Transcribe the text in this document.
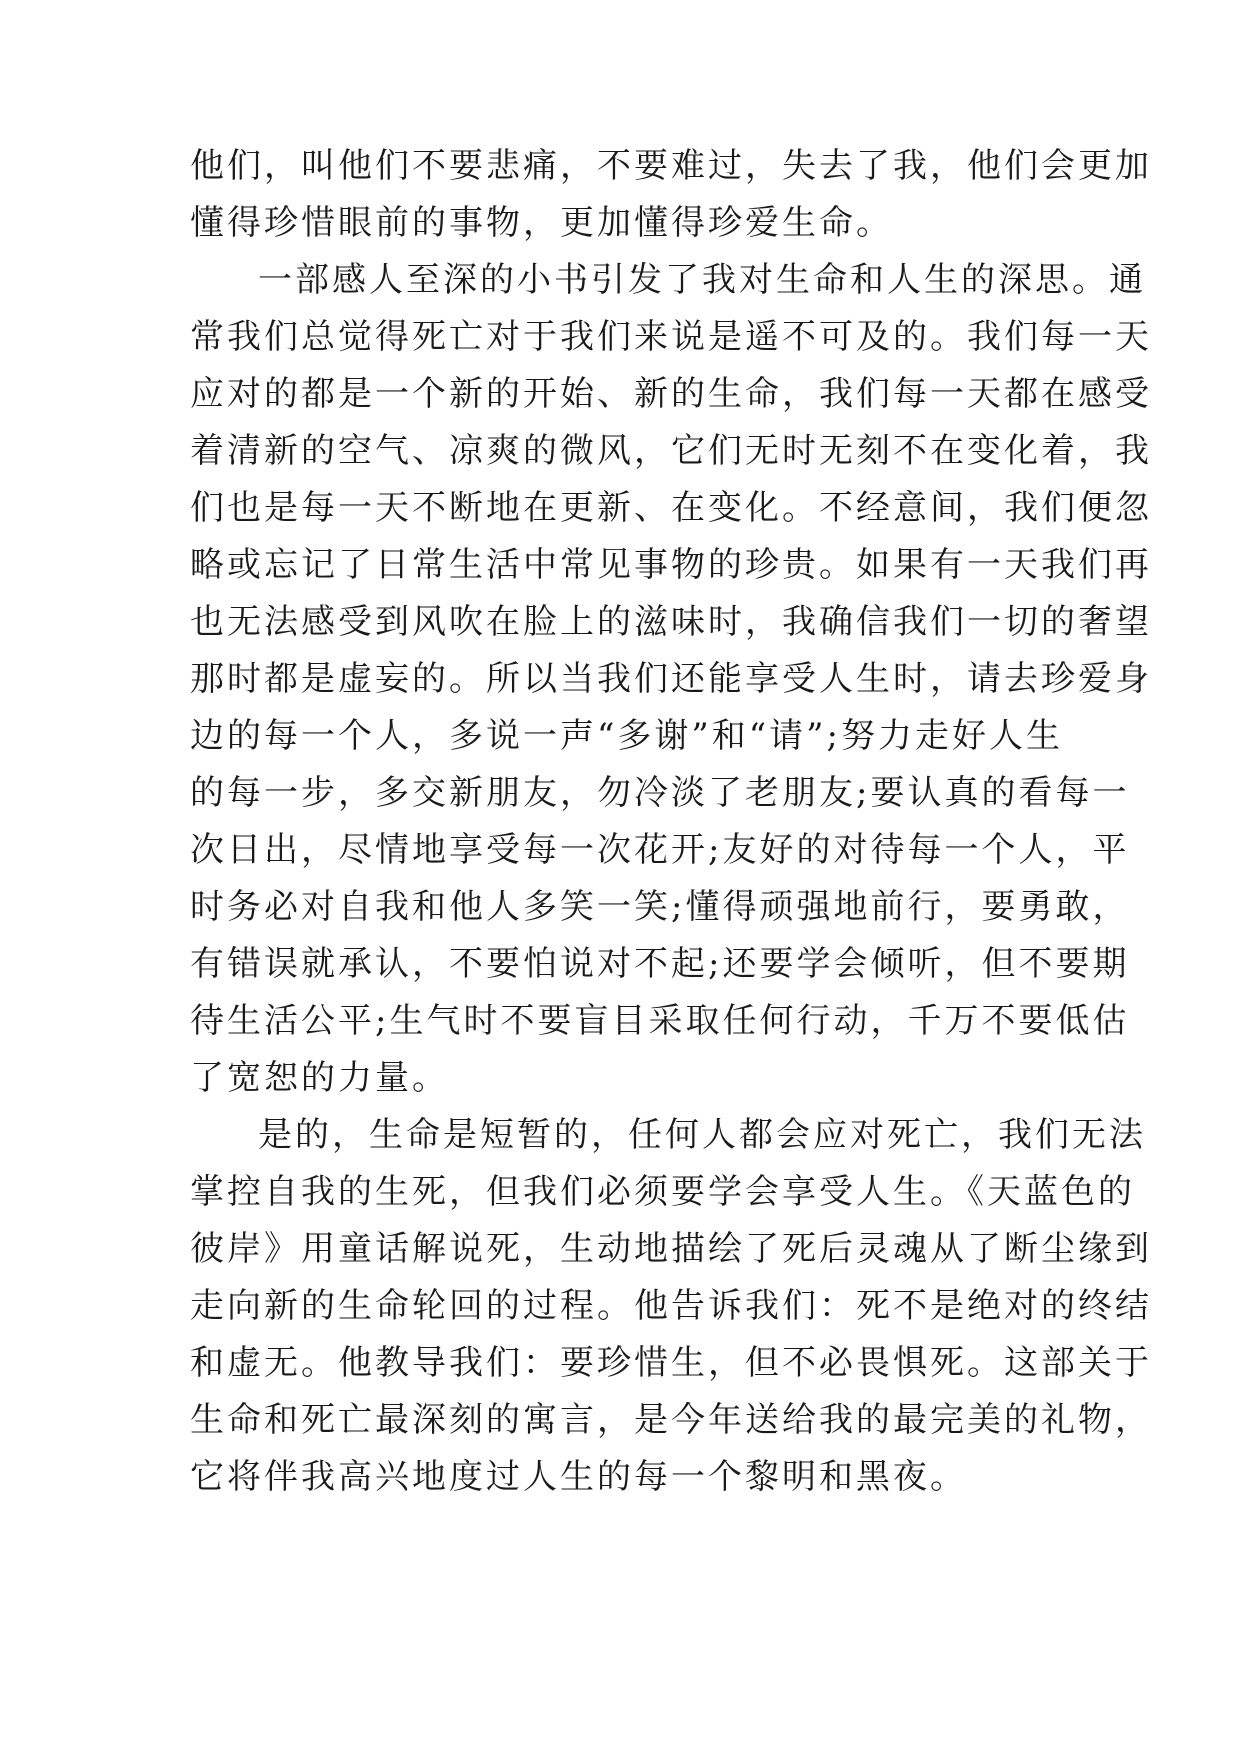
他们，叫他们不要悲痛，不要难过，失去了我，他们会更加
懂得珍惜眼前的事物，更加懂得珍爱生命。
一部感人至深的小书引发了我对生命和人生的深思。通
常我们总觉得死亡对于我们来说是遥不可及的。我们每一天
应对的都是一个新的开始、新的生命，我们每一天都在感受
着清新的空气、凉爽的微风，它们无时无刻不在变化着，我
们也是每一天不断地在更新、在变化。不经意间，我们便忽
略或忘记了日常生活中常见事物的珍贵。如果有一天我们再
也无法感受到风吹在脸上的滋味时，我确信我们一切的奢望
那时都是虚妄的。所以当我们还能享受人生时，请去珍爱身
边的每一个人，多说一声“多谢”和“请”;努力走好人生
的每一步，多交新朋友，勿冷淡了老朋友;要认真的看每一
次日出，尽情地享受每一次花开;友好的对待每一个人，平
时务必对自我和他人多笑一笑;懂得顽强地前行，要勇敢，
有错误就承认，不要怕说对不起;还要学会倾听，但不要期
待生活公平;生气时不要盲目采取任何行动，千万不要低估
了宽恕的力量。
是的，生命是短暂的，任何人都会应对死亡，我们无法
掌控自我的生死，但我们必须要学会享受人生。《天蓝色的
彼岸》用童话解说死，生动地描绘了死后灵魂从了断尘缘到
走向新的生命轮回的过程。他告诉我们：死不是绝对的终结
和虚无。他教导我们：要珍惜生，但不必畏惧死。这部关于
生命和死亡最深刻的寓言，是今年送给我的最完美的礼物，
它将伴我高兴地度过人生的每一个黎明和黑夜。
